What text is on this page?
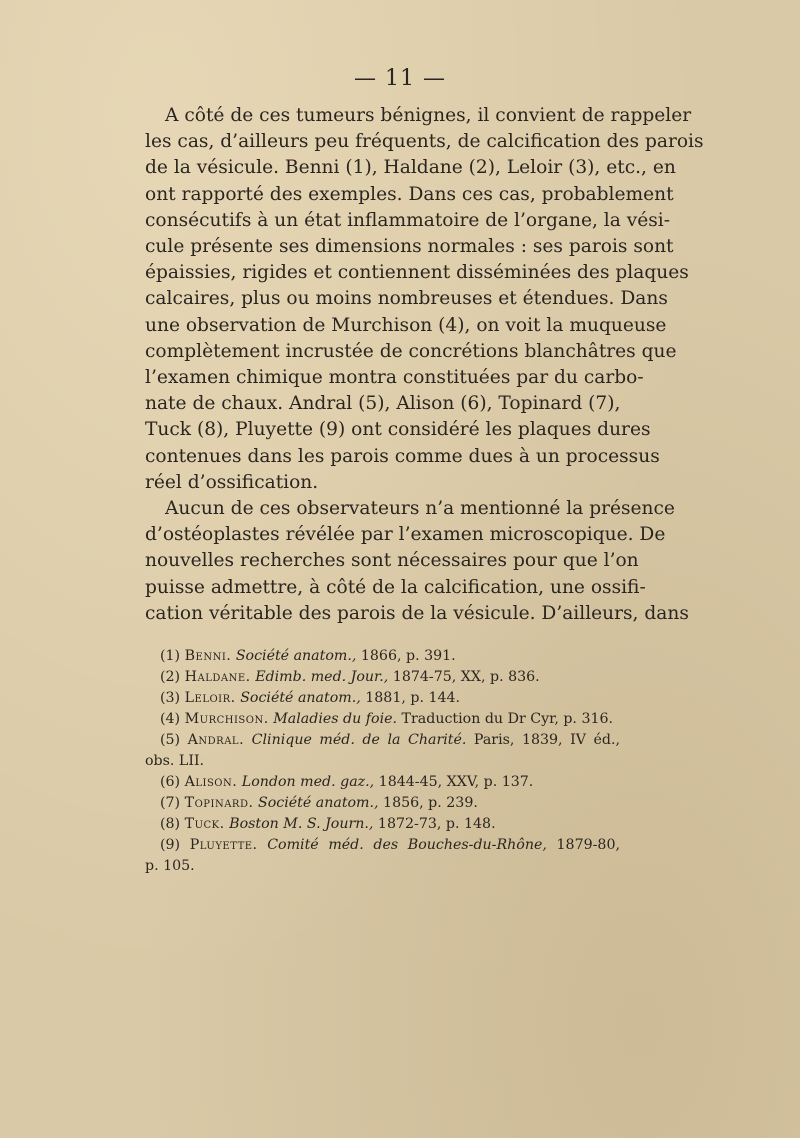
— 11 —
A côté de ces tumeurs bénignes, il convient de rappeler
les cas, d’ailleurs peu fréquents, de calcification des parois
de la vésicule. Benni (1), Haldane (2), Leloir (3), etc., en
ont rapporté des exemples. Dans ces cas, probablement
consécutifs à un état inflammatoire de l’organe, la vési-
cule présente ses dimensions normales : ses parois sont
épaissies, rigides et contiennent disséminées des plaques
calcaires, plus ou moins nombreuses et étendues. Dans
une observation de Murchison (4), on voit la muqueuse
complètement incrustée de concrétions blanchâtres que
l’examen chimique montra constituées par du carbo-
nate de chaux. Andral (5), Alison (6), Topinard (7),
Tuck (8), Pluyette (9) ont considéré les plaques dures
contenues dans les parois comme dues à un processus
réel d’ossification.
Aucun de ces observateurs n’a mentionné la présence
d’ostéoplastes révélée par l’examen microscopique. De
nouvelles recherches sont nécessaires pour que l’on
puisse admettre, à côté de la calcification, une ossifi-
cation véritable des parois de la vésicule. D’ailleurs, dans
(1) Benni. Société anatom., 1866, p. 391.
(2) Haldane. Edimb. med. Jour., 1874-75, XX, p. 836.
(3) Leloir. Société anatom., 1881, p. 144.
(4) Murchison. Maladies du foie. Traduction du Dr Cyr, p. 316.
(5) Andral. Clinique méd. de la Charité. Paris, 1839, IV éd.,
obs. LII.
(6) Alison. London med. gaz., 1844-45, XXV, p. 137.
(7) Topinard. Société anatom., 1856, p. 239.
(8) Tuck. Boston M. S. Journ., 1872-73, p. 148.
(9) Pluyette. Comité méd. des Bouches-du-Rhône, 1879-80,
p. 105.
